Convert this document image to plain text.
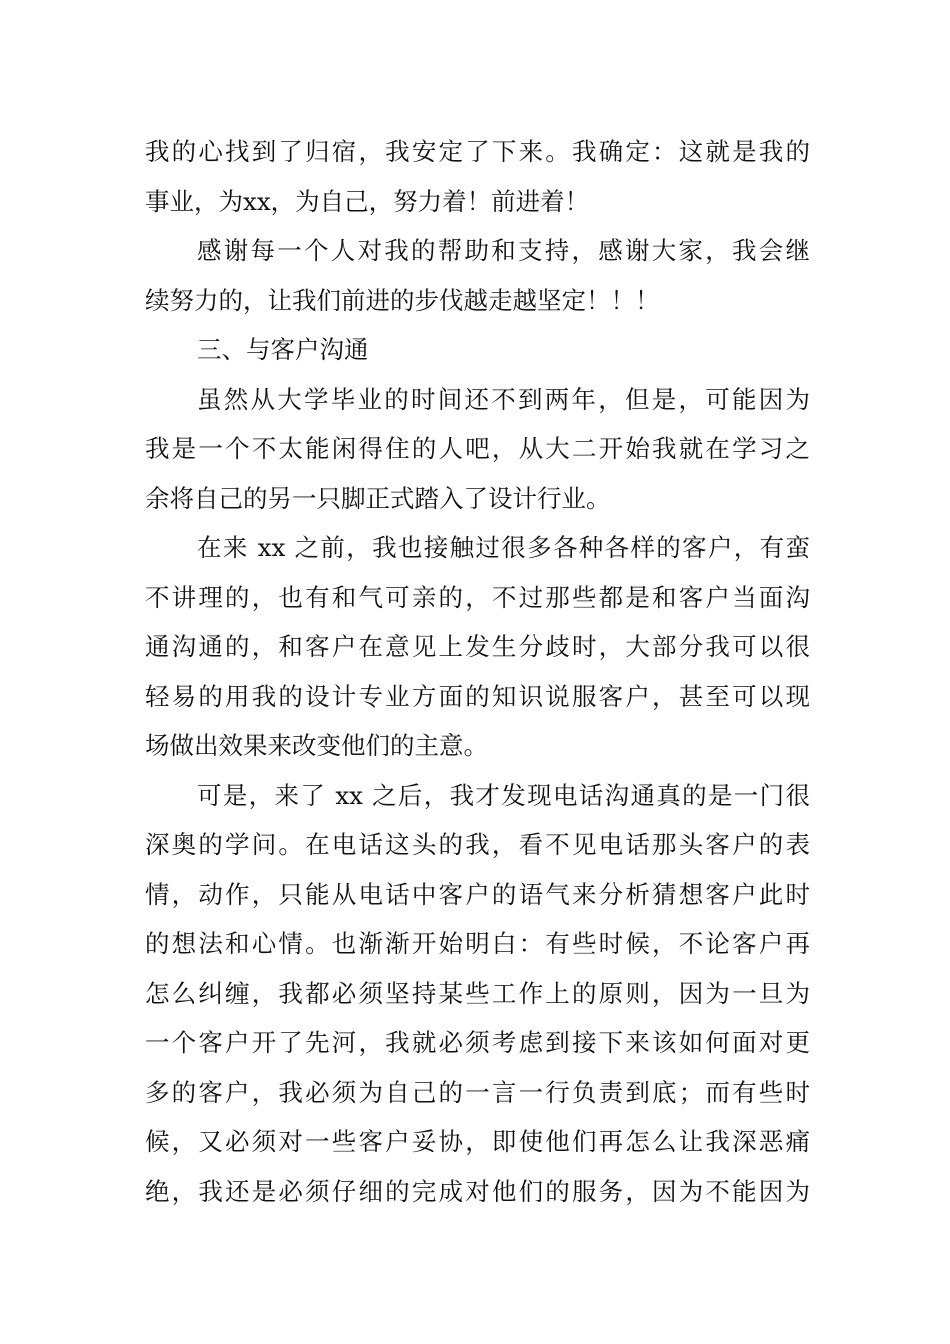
我的心找到了归宿，我安定了下来。我确定：这就是我的
事业，为xx，为自己，努力着！前进着！
感谢每一个人对我的帮助和支持，感谢大家，我会继
续努力的，让我们前进的步伐越走越坚定！！！
三、与客户沟通
虽然从大学毕业的时间还不到两年，但是，可能因为
我是一个不太能闲得住的人吧，从大二开始我就在学习之
余将自己的另一只脚正式踏入了设计行业。
在来 xx 之前，我也接触过很多各种各样的客户，有蛮
不讲理的，也有和气可亲的，不过那些都是和客户当面沟
通沟通的，和客户在意见上发生分歧时，大部分我可以很
轻易的用我的设计专业方面的知识说服客户，甚至可以现
场做出效果来改变他们的主意。
可是，来了 xx 之后，我才发现电话沟通真的是一门很
深奥的学问。在电话这头的我，看不见电话那头客户的表
情，动作，只能从电话中客户的语气来分析猜想客户此时
的想法和心情。也渐渐开始明白：有些时候，不论客户再
怎么纠缠，我都必须坚持某些工作上的原则，因为一旦为
一个客户开了先河，我就必须考虑到接下来该如何面对更
多的客户，我必须为自己的一言一行负责到底；而有些时
候，又必须对一些客户妥协，即使他们再怎么让我深恶痛
绝，我还是必须仔细的完成对他们的服务，因为不能因为
